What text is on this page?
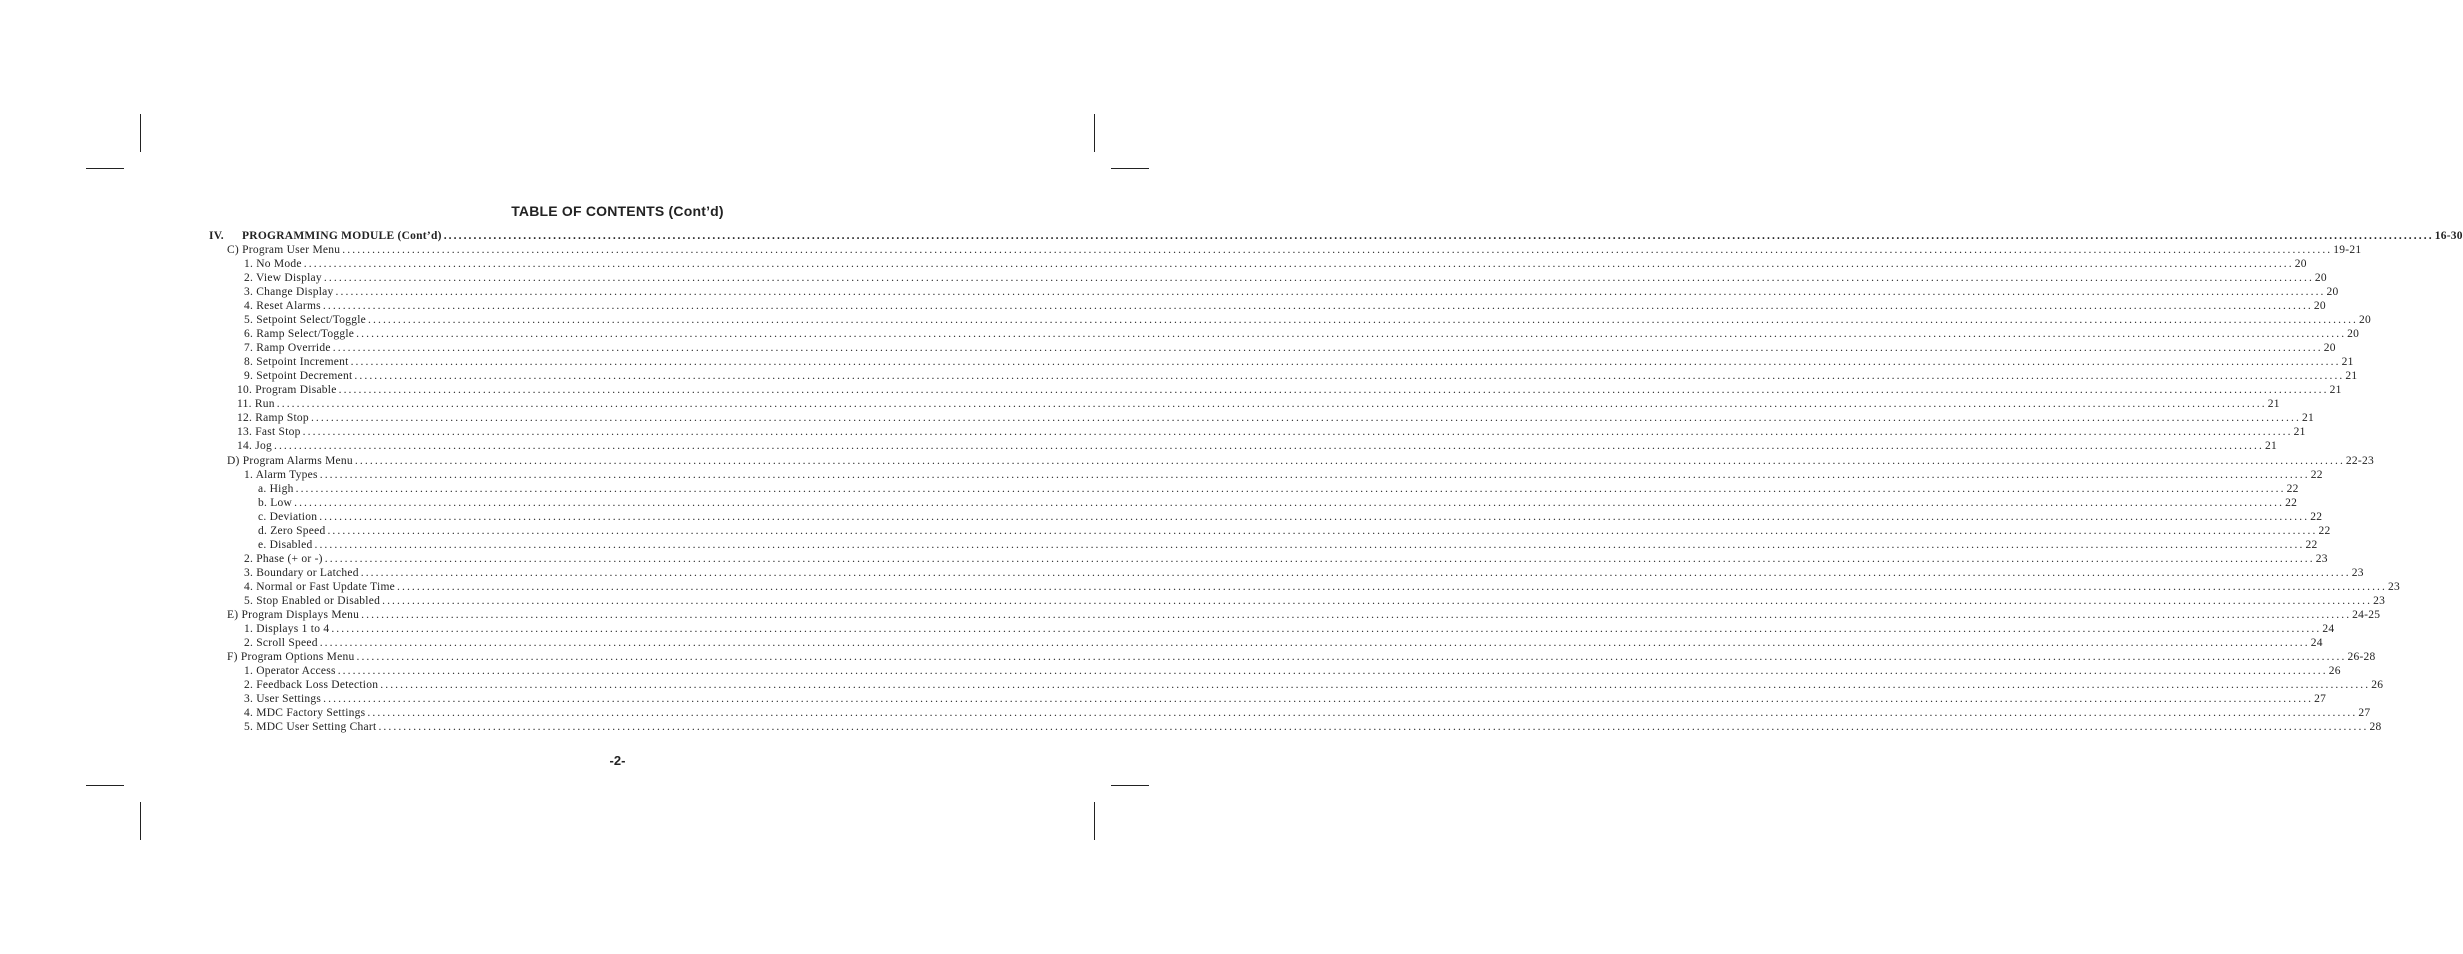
TABLE OF CONTENTS (Cont’d)
IV. PROGRAMMING MODULE (Cont’d) ................................................................................................................................................................................................................................................................................................................................................................................................................ 16-30
C) Program User Menu ................................................................................................................................................................................................................................................................................................................................................................................................................ 19-21
1. No Mode ................................................................................................................................................................................................................................................................................................................................................................................................................ 20
2. View Display ................................................................................................................................................................................................................................................................................................................................................................................................................ 20
3. Change Display ................................................................................................................................................................................................................................................................................................................................................................................................................ 20
4. Reset Alarms ................................................................................................................................................................................................................................................................................................................................................................................................................ 20
5. Setpoint Select/Toggle ................................................................................................................................................................................................................................................................................................................................................................................................................ 20
6. Ramp Select/Toggle ................................................................................................................................................................................................................................................................................................................................................................................................................ 20
7. Ramp Override ................................................................................................................................................................................................................................................................................................................................................................................................................ 20
8. Setpoint Increment ................................................................................................................................................................................................................................................................................................................................................................................................................ 21
9. Setpoint Decrement ................................................................................................................................................................................................................................................................................................................................................................................................................ 21
10. Program Disable ................................................................................................................................................................................................................................................................................................................................................................................................................ 21
11. Run ................................................................................................................................................................................................................................................................................................................................................................................................................ 21
12. Ramp Stop ................................................................................................................................................................................................................................................................................................................................................................................................................ 21
13. Fast Stop ................................................................................................................................................................................................................................................................................................................................................................................................................ 21
14. Jog ................................................................................................................................................................................................................................................................................................................................................................................................................ 21
D) Program Alarms Menu ................................................................................................................................................................................................................................................................................................................................................................................................................ 22-23
1. Alarm Types ................................................................................................................................................................................................................................................................................................................................................................................................................ 22
a. High ................................................................................................................................................................................................................................................................................................................................................................................................................ 22
b. Low ................................................................................................................................................................................................................................................................................................................................................................................................................ 22
c. Deviation ................................................................................................................................................................................................................................................................................................................................................................................................................ 22
d. Zero Speed ................................................................................................................................................................................................................................................................................................................................................................................................................ 22
e. Disabled ................................................................................................................................................................................................................................................................................................................................................................................................................ 22
2. Phase (+ or -) ................................................................................................................................................................................................................................................................................................................................................................................................................ 23
3. Boundary or Latched ................................................................................................................................................................................................................................................................................................................................................................................................................ 23
4. Normal or Fast Update Time ................................................................................................................................................................................................................................................................................................................................................................................................................ 23
5. Stop Enabled or Disabled ................................................................................................................................................................................................................................................................................................................................................................................................................ 23
E) Program Displays Menu ................................................................................................................................................................................................................................................................................................................................................................................................................ 24-25
1. Displays 1 to 4 ................................................................................................................................................................................................................................................................................................................................................................................................................ 24
2. Scroll Speed ................................................................................................................................................................................................................................................................................................................................................................................................................ 24
F) Program Options Menu ................................................................................................................................................................................................................................................................................................................................................................................................................ 26-28
1. Operator Access ................................................................................................................................................................................................................................................................................................................................................................................................................ 26
2. Feedback Loss Detection ................................................................................................................................................................................................................................................................................................................................................................................................................ 26
3. User Settings ................................................................................................................................................................................................................................................................................................................................................................................................................ 27
4. MDC Factory Settings ................................................................................................................................................................................................................................................................................................................................................................................................................ 27
5. MDC User Setting Chart ................................................................................................................................................................................................................................................................................................................................................................................................................ 28
-2-
